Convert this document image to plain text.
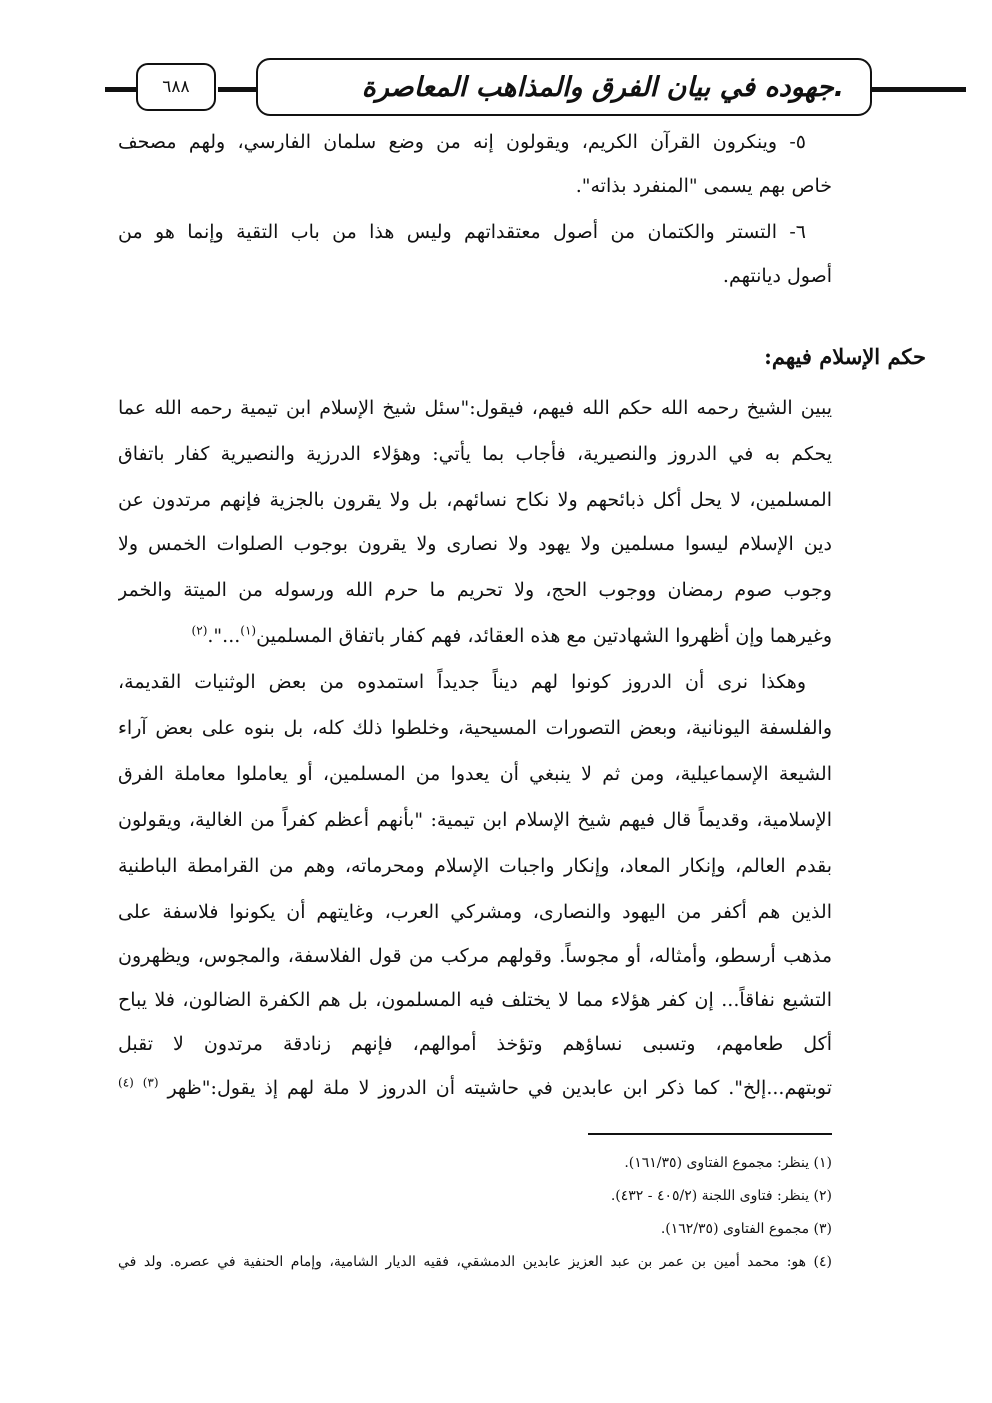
٦٨٨	جهوده في بيان الفرق والمذاهب المعاصرة.
٥- وينكرون القرآن الكريم، ويقولون إنه من وضع سلمان الفارسي، ولهم مصحف
خاص بهم يسمى "المنفرد بذاته".
٦- التستر والكتمان من أصول معتقداتهم وليس هذا من باب التقية وإنما هو من
أصول ديانتهم.
حكم الإسلام فيهم:
يبين الشيخ رحمه الله حكم الله فيهم، فيقول:"سئل شيخ الإسلام ابن تيمية رحمه الله عما
يحكم به في الدروز والنصيرية، فأجاب بما يأتي: وهؤلاء الدرزية والنصيرية كفار باتفاق
المسلمين، لا يحل أكل ذبائحهم ولا نكاح نسائهم، بل ولا يقرون بالجزية فإنهم مرتدون عن
دين الإسلام ليسوا مسلمين ولا يهود ولا نصارى ولا يقرون بوجوب الصلوات الخمس ولا
وجوب صوم رمضان ووجوب الحج، ولا تحريم ما حرم الله ورسوله من الميتة والخمر
وغيرهما وإن أظهروا الشهادتين مع هذه العقائد، فهم كفار باتفاق المسلمين$^{(١)}$...".$^{(٢)}$
وهكذا نرى أن الدروز كونوا لهم ديناً جديداً استمدوه من بعض الوثنيات القديمة،
والفلسفة اليونانية، وبعض التصورات المسيحية، وخلطوا ذلك كله، بل بنوه على بعض آراء
الشيعة الإسماعيلية، ومن ثم لا ينبغي أن يعدوا من المسلمين، أو يعاملوا معاملة الفرق
الإسلامية، وقديماً قال فيهم شيخ الإسلام ابن تيمية: "بأنهم أعظم كفراً من الغالية، ويقولون
بقدم العالم، وإنكار المعاد، وإنكار واجبات الإسلام ومحرماته، وهم من القرامطة الباطنية
الذين هم أكفر من اليهود والنصارى، ومشركي العرب، وغايتهم أن يكونوا فلاسفة على
مذهب أرسطو، وأمثاله، أو مجوساً. وقولهم مركب من قول الفلاسفة، والمجوس، ويظهرون
التشيع نفاقاً... إن كفر هؤلاء مما لا يختلف فيه المسلمون، بل هم الكفرة الضالون، فلا يباح
أكل طعامهم، وتسبى نساؤهم وتؤخذ أموالهم، فإنهم زنادقة مرتدون لا تقبل
توبتهم...إلخ". كما ذكر ابن عابدين في حاشيته أن الدروز لا ملة لهم إذ يقول:"ظهر $^{(٣)}$ $^{(٤)}$
(١) ينظر: مجموع الفتاوى (١٦١/٣٥).
(٢) ينظر: فتاوى اللجنة (٤٠٥/٢ - ٤٣٢).
(٣) مجموع الفتاوى (١٦٢/٣٥).
(٤) هو: محمد أمين بن عمر بن عبد العزيز عابدين الدمشقي، فقيه الديار الشامية، وإمام الحنفية في عصره. ولد في
